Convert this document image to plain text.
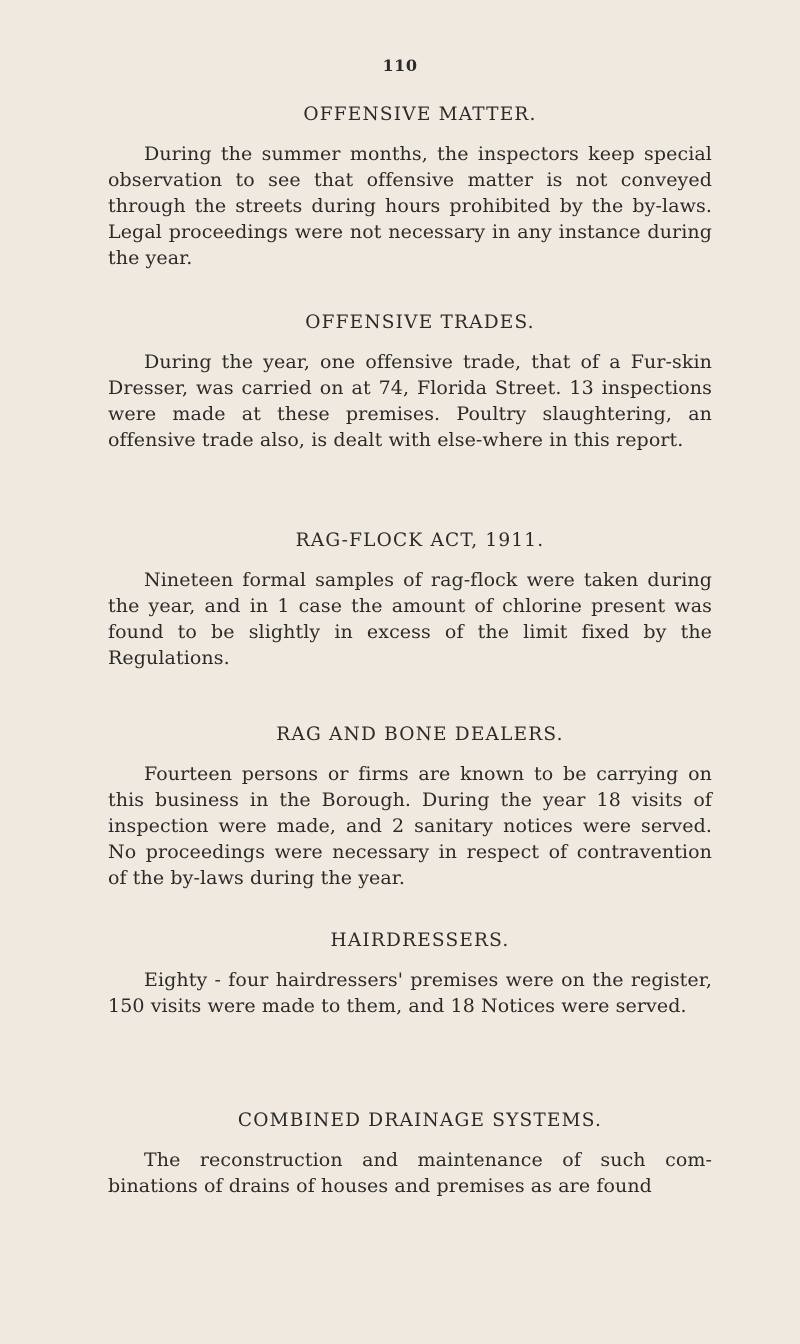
110
OFFENSIVE MATTER.

During the summer months, the inspectors keep special observation to see that offensive matter is not conveyed through the streets during hours prohibited by the by-laws. Legal proceedings were not necessary in any instance during the year.

OFFENSIVE TRADES.

During the year, one offensive trade, that of a Fur-skin Dresser, was carried on at 74, Florida Street. 13 inspections were made at these premises. Poultry slaughtering, an offensive trade also, is dealt with else-where in this report.

RAG-FLOCK ACT, 1911.

Nineteen formal samples of rag-flock were taken during the year, and in 1 case the amount of chlorine present was found to be slightly in excess of the limit fixed by the Regulations.

RAG AND BONE DEALERS.

Fourteen persons or firms are known to be carrying on this business in the Borough. During the year 18 visits of inspection were made, and 2 sanitary notices were served. No proceedings were necessary in respect of contravention of the by-laws during the year.

HAIRDRESSERS.

Eighty - four hairdressers' premises were on the register, 150 visits were made to them, and 18 Notices were served.

COMBINED DRAINAGE SYSTEMS.

The reconstruction and maintenance of such com-binations of drains of houses and premises as are found
